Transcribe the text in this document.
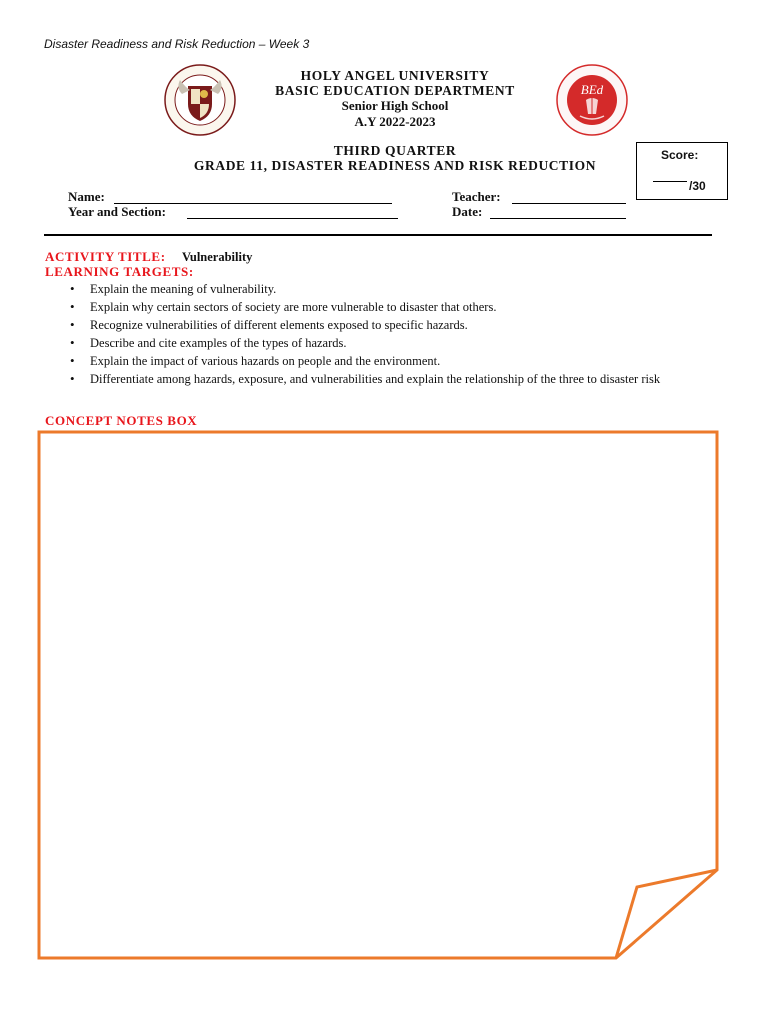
Disaster Readiness and Risk Reduction – Week 3
BEd
HOLY ANGEL UNIVERSITY
BASIC EDUCATION DEPARTMENT
Senior High School
A.Y 2022-2023
THIRD QUARTER
GRADE 11, DISASTER READINESS AND RISK REDUCTION
Score:
/30
Name:
Year and Section:
Teacher:
Date:
ACTIVITY TITLE: Vulnerability
LEARNING TARGETS:
• Explain the meaning of vulnerability.
• Explain why certain sectors of society are more vulnerable to disaster that others.
• Recognize vulnerabilities of different elements exposed to specific hazards.
• Describe and cite examples of the types of hazards.
• Explain the impact of various hazards on people and the environment.
• Differentiate among hazards, exposure, and vulnerabilities and explain the relationship of the three to disaster risk
CONCEPT NOTES BOX
